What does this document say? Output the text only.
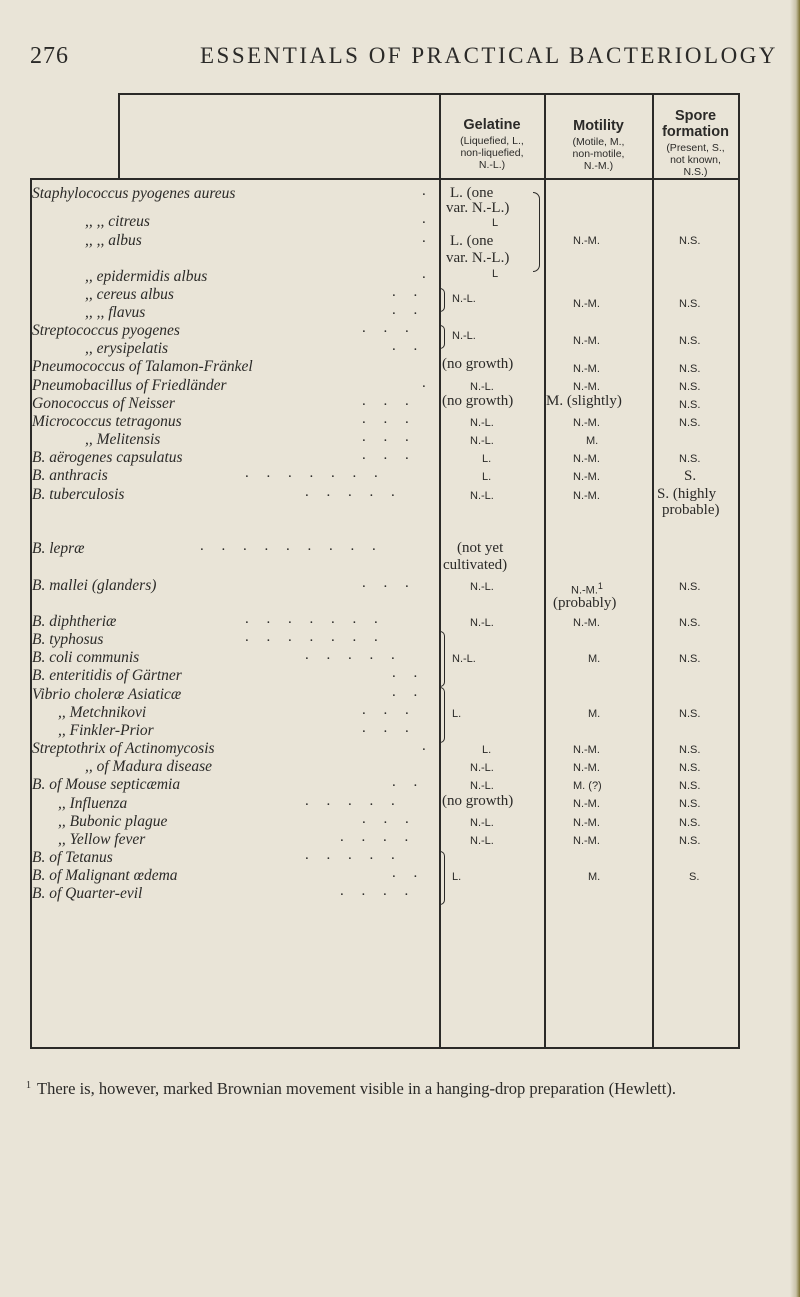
276	ESSENTIALS OF PRACTICAL BACTERIOLOGY
Gelatine
(Liquefied, L.,
non-liquefied,
N.-L.)
Motility
(Motile, M.,
non-motile,
N.-M.)
Spore formation
(Present, S.,
not known,
N.S.)
Staphylococcus pyogenes aureus
,, ,, citreus
,, ,, albus
,, epidermidis albus
,, cereus albus
,, ,, flavus
Streptococcus pyogenes
,, erysipelatis
Pneumococcus of Talamon-Fränkel
Pneumobacillus of Friedländer
Gonococcus of Neisser
Micrococcus tetragonus
,, Melitensis
B. aërogenes capsulatus
B. anthracis
B. tuberculosis
B. lepræ
B. mallei (glanders)
B. diphtheriæ
B. typhosus
B. coli communis
B. enteritidis of Gärtner
Vibrio choleræ Asiaticæ
,, Metchnikovi
,, Finkler-Prior
Streptothrix of Actinomycosis
,, of Madura disease
B. of Mouse septicæmia
,, Influenza
,, Bubonic plague
,, Yellow fever
B. of Tetanus
B. of Malignant œdema
B. of Quarter-evil
.
.
.
.
. .
. .
. . .
. .
.
. . .
. . .
. . .
. . .
. . . . . . .
. . . . .
. . . . . . . . .
. . .
. . . . . . .
. . . . . . .
. . . . .
. .
. .
. . .
. . .
.
. .
. . . . .
. . .
. . . .
. . . . .
. .
. . . .
L. (one
var. N.-L.)
L
L. (one
var. N.-L.)
L
N.-L.
N.-L.
(no growth)
N.-L.
(no growth)
N.-L.
N.-L.
L.
L.
N.-L.
(not yet
cultivated)
N.-L.
N.-L.
N.-L.
L.
L.
N.-L.
N.-L.
(no growth)
N.-L.
N.-L.
L.
N.-M.
N.-M.
N.-M.
N.-M.
N.-M.
M. (slightly)
N.-M.
M.
N.-M.
N.-M.
N.-M.
N.-M.$^1$
(probably)
N.-M.
M.
M.
N.-M.
N.-M.
M. (?)
N.-M.
N.-M.
N.-M.
M.
N.S.
N.S.
N.S.
N.S.
N.S.
N.S.
N.S.
N.S.
S.
S. (highly
probable)
N.S.
N.S.
N.S.
N.S.
N.S.
N.S.
N.S.
N.S.
N.S.
N.S.
S.
$^1$ There is, however, marked Brownian movement visible in a hanging-drop preparation (Hewlett).
